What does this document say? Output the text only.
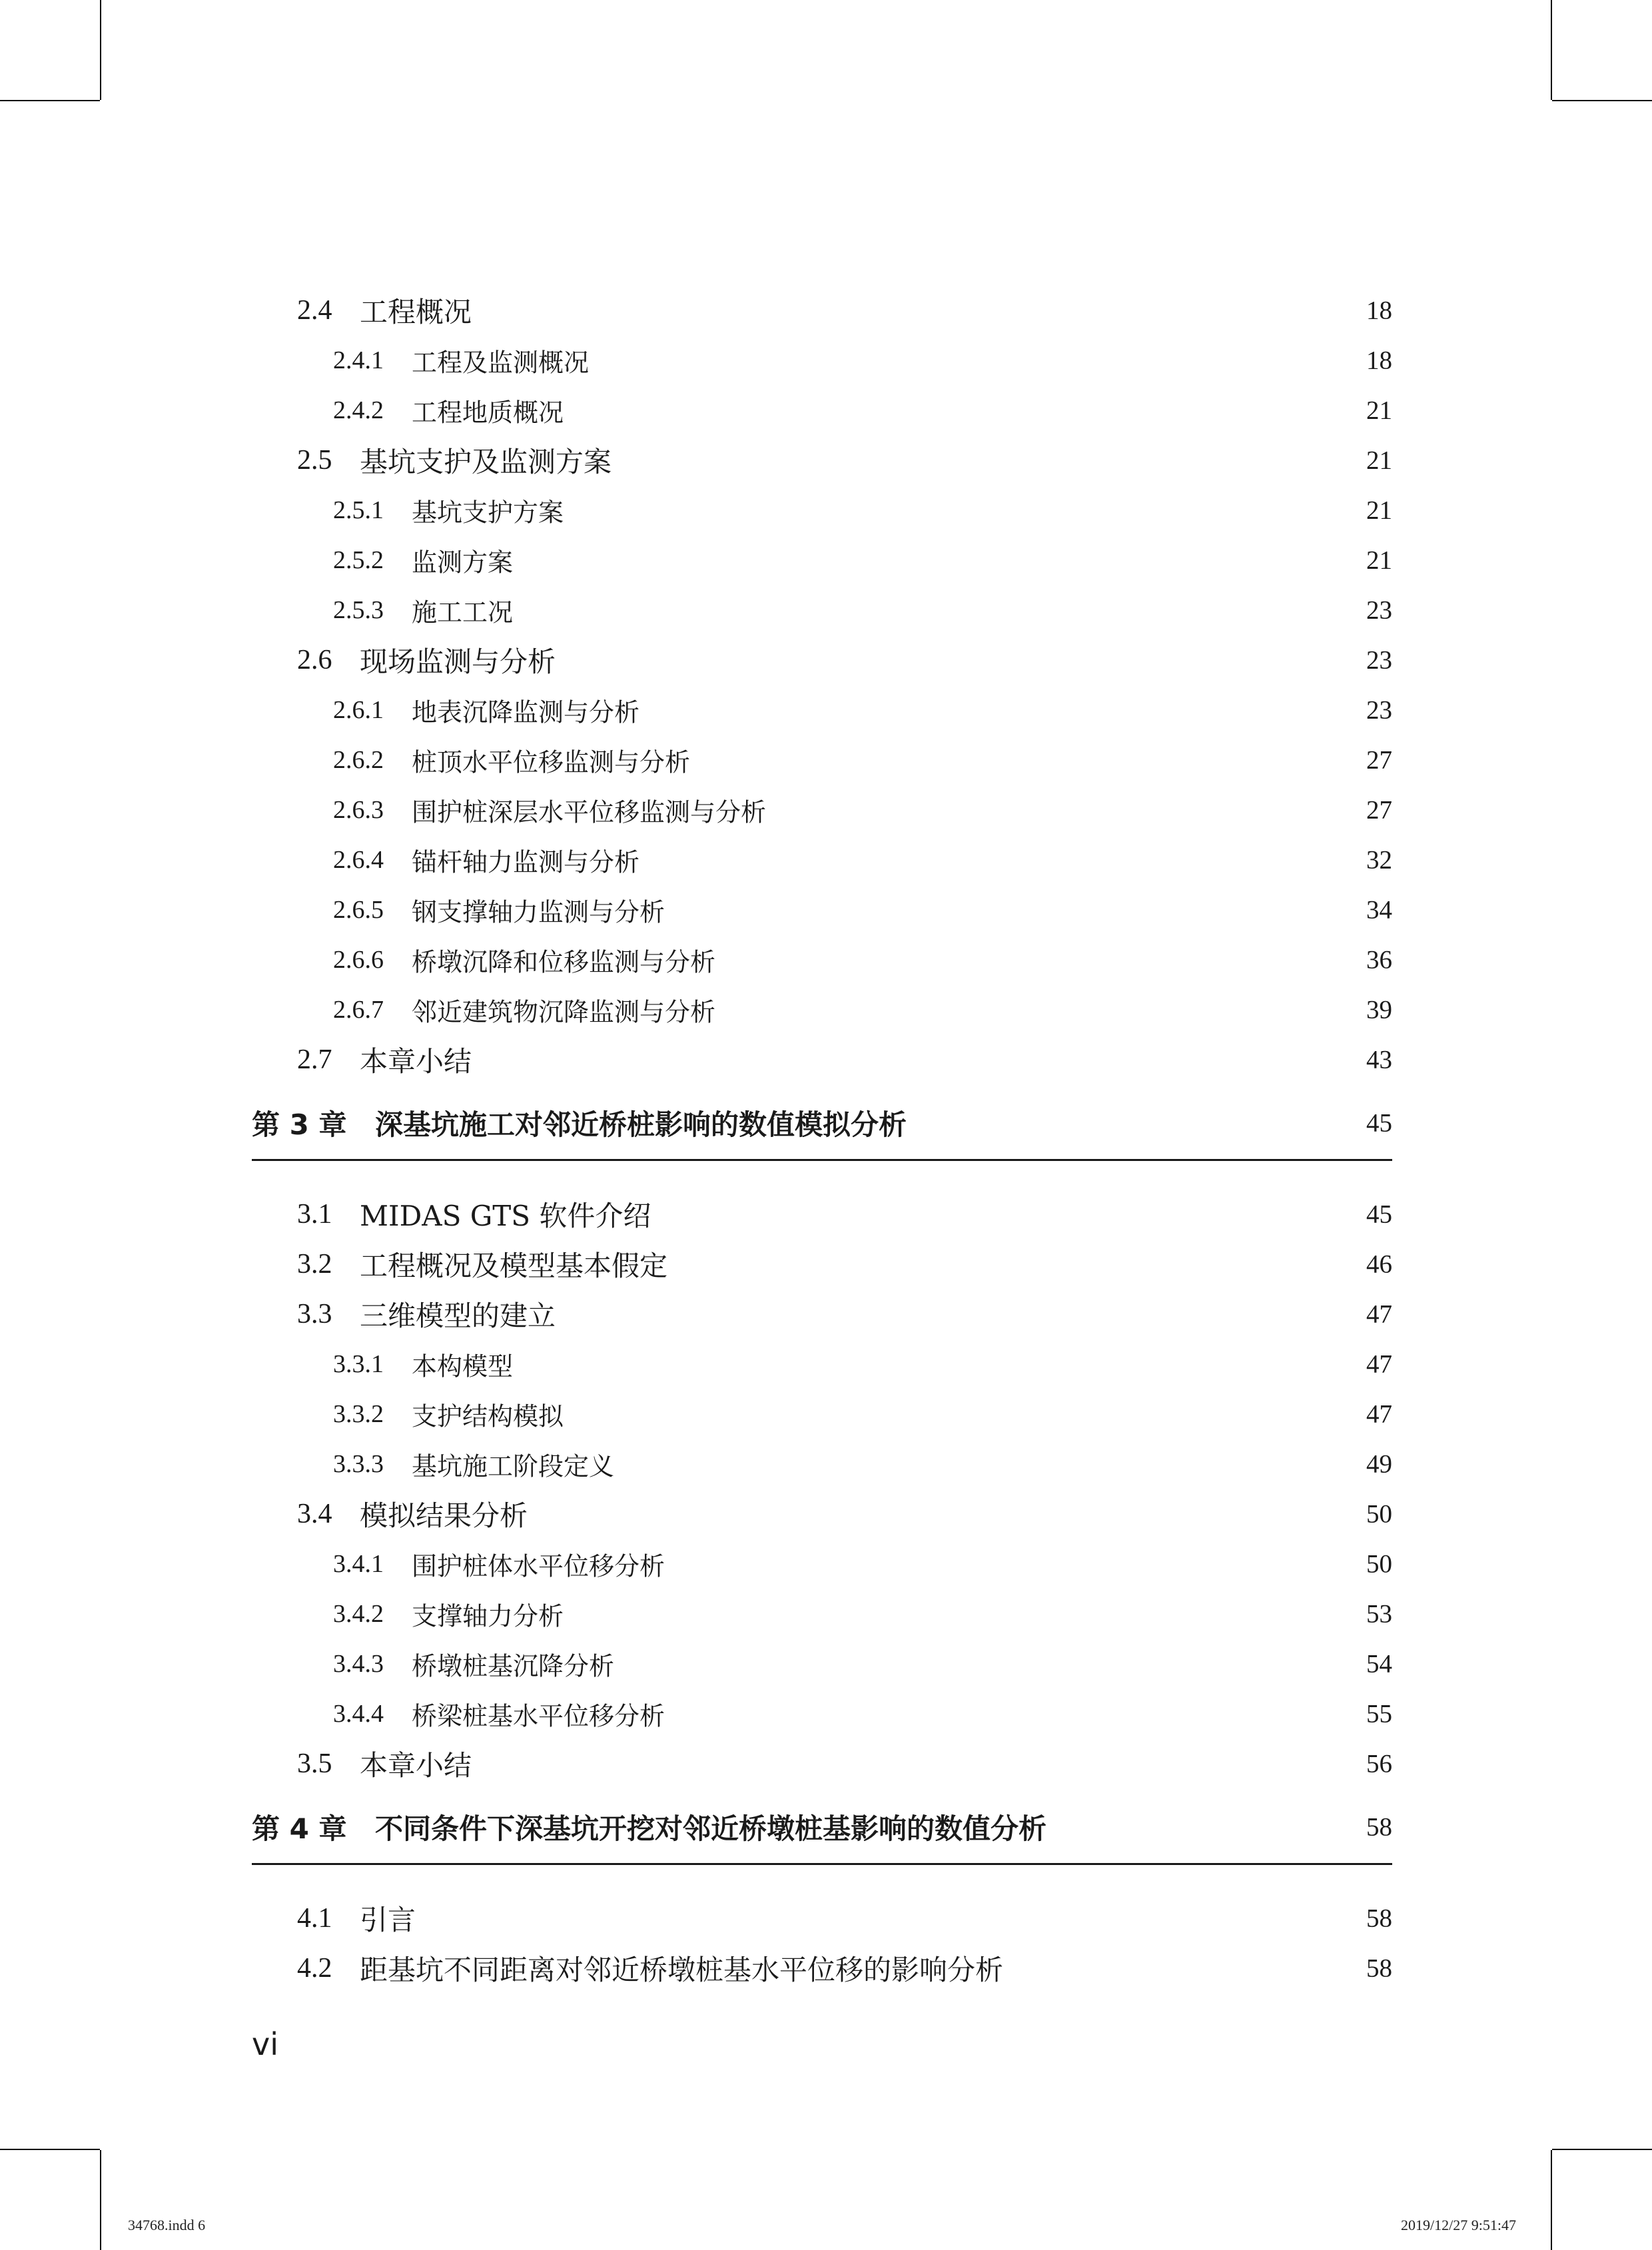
2.4 工程概况	18
2.4.1 工程及监测概况	18
2.4.2 工程地质概况	21
2.5 基坑支护及监测方案	21
2.5.1 基坑支护方案	21
2.5.2 监测方案	21
2.5.3 施工工况	23
2.6 现场监测与分析	23
2.6.1 地表沉降监测与分析	23
2.6.2 桩顶水平位移监测与分析	27
2.6.3 围护桩深层水平位移监测与分析	27
2.6.4 锚杆轴力监测与分析	32
2.6.5 钢支撑轴力监测与分析	34
2.6.6 桥墩沉降和位移监测与分析	36
2.6.7 邻近建筑物沉降监测与分析	39
2.7 本章小结	43
第 3 章 深基坑施工对邻近桥桩影响的数值模拟分析	45
3.1 MIDAS GTS 软件介绍	45
3.2 工程概况及模型基本假定	46
3.3 三维模型的建立	47
3.3.1 本构模型	47
3.3.2 支护结构模拟	47
3.3.3 基坑施工阶段定义	49
3.4 模拟结果分析	50
3.4.1 围护桩体水平位移分析	50
3.4.2 支撑轴力分析	53
3.4.3 桥墩桩基沉降分析	54
3.4.4 桥梁桩基水平位移分析	55
3.5 本章小结	56
第 4 章 不同条件下深基坑开挖对邻近桥墩桩基影响的数值分析	58
4.1 引言	58
4.2 距基坑不同距离对邻近桥墩桩基水平位移的影响分析	58
vi
34768.indd 6	2019/12/27 9:51:47
